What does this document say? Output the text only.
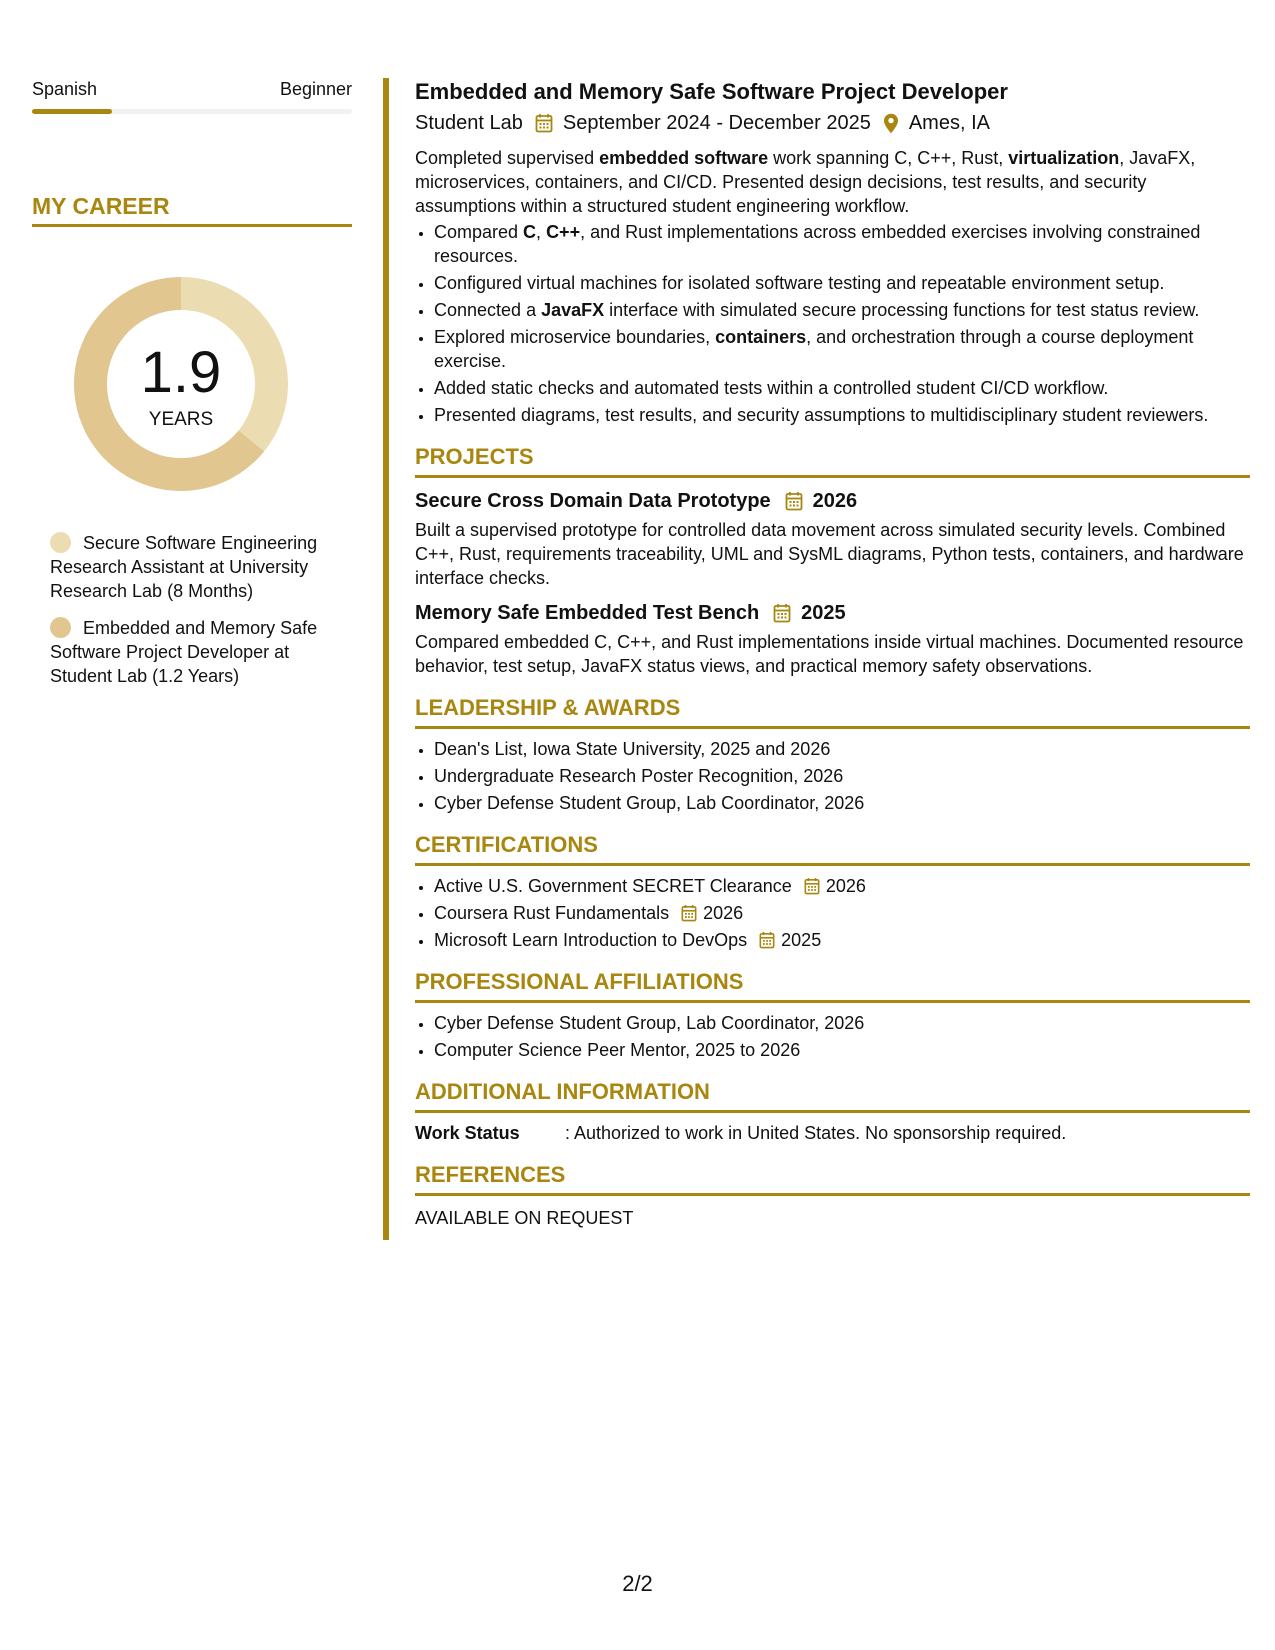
Spanish	Beginner
MY CAREER
1.9
YEARS
Secure Software Engineering Research Assistant at University Research Lab (8 Months)
Embedded and Memory Safe Software Project Developer at Student Lab (1.2 Years)
Embedded and Memory Safe Software Project Developer
Student Lab September 2024 - December 2025 Ames, IA
Completed supervised embedded software work spanning C, C++, Rust, virtualization, JavaFX, microservices, containers, and CI/CD. Presented design decisions, test results, and security assumptions within a structured student engineering workflow.
• Compared C, C++, and Rust implementations across embedded exercises involving constrained resources.
• Configured virtual machines for isolated software testing and repeatable environment setup.
• Connected a JavaFX interface with simulated secure processing functions for test status review.
• Explored microservice boundaries, containers, and orchestration through a course deployment exercise.
• Added static checks and automated tests within a controlled student CI/CD workflow.
• Presented diagrams, test results, and security assumptions to multidisciplinary student reviewers.
PROJECTS
Secure Cross Domain Data Prototype 2026
Built a supervised prototype for controlled data movement across simulated security levels. Combined C++, Rust, requirements traceability, UML and SysML diagrams, Python tests, containers, and hardware interface checks.
Memory Safe Embedded Test Bench 2025
Compared embedded C, C++, and Rust implementations inside virtual machines. Documented resource behavior, test setup, JavaFX status views, and practical memory safety observations.
LEADERSHIP & AWARDS
• Dean's List, Iowa State University, 2025 and 2026
• Undergraduate Research Poster Recognition, 2026
• Cyber Defense Student Group, Lab Coordinator, 2026
CERTIFICATIONS
• Active U.S. Government SECRET Clearance 2026
• Coursera Rust Fundamentals 2026
• Microsoft Learn Introduction to DevOps 2025
PROFESSIONAL AFFILIATIONS
• Cyber Defense Student Group, Lab Coordinator, 2026
• Computer Science Peer Mentor, 2025 to 2026
ADDITIONAL INFORMATION
Work Status	: Authorized to work in United States. No sponsorship required.
REFERENCES
AVAILABLE ON REQUEST
2/2
